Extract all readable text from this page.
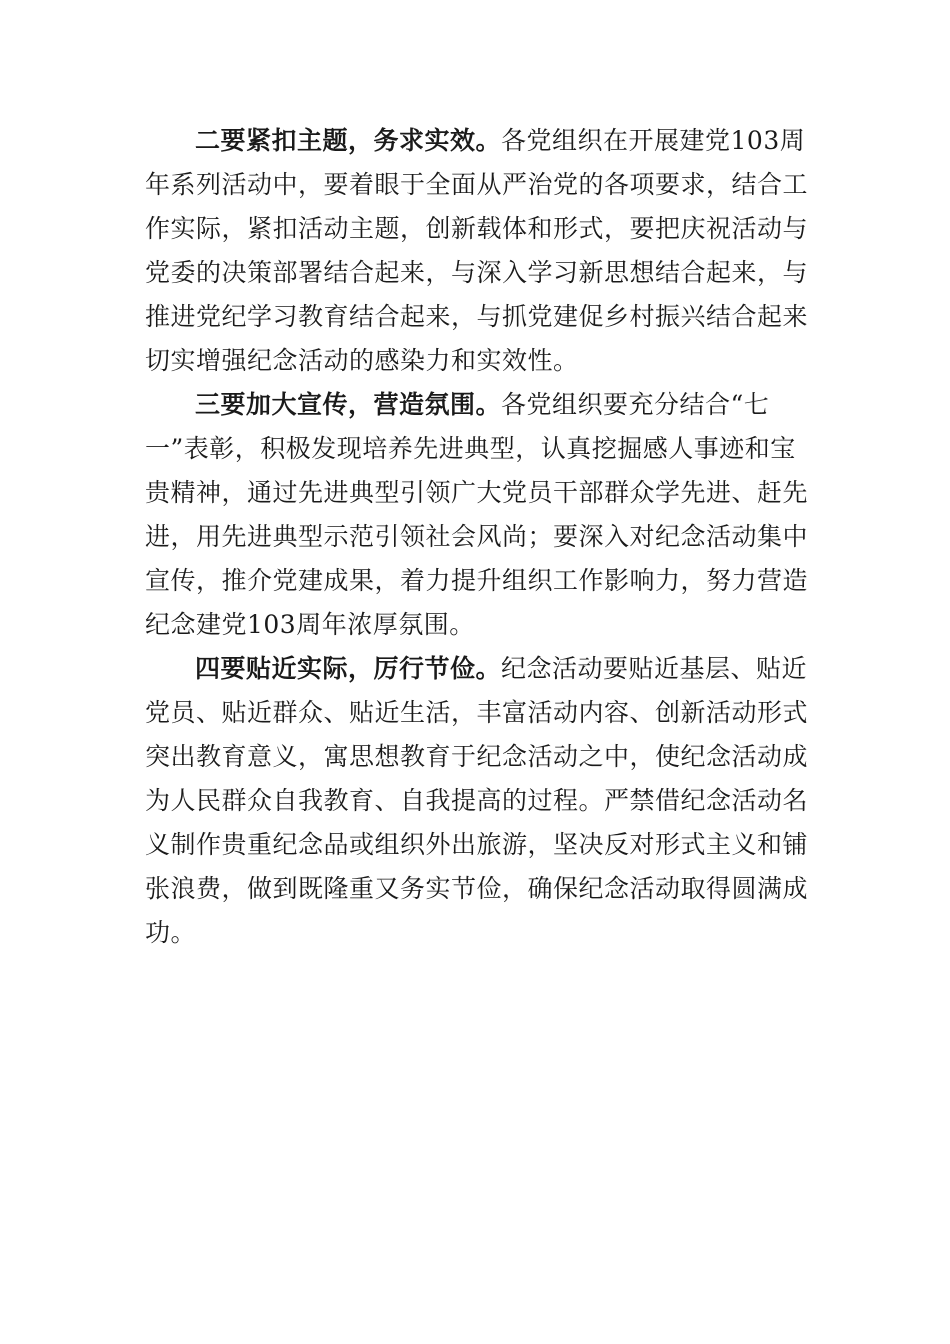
二要紧扣主题，务求实效。各党组织在开展建党103周
年系列活动中，要着眼于全面从严治党的各项要求，结合工
作实际，紧扣活动主题，创新载体和形式，要把庆祝活动与
党委的决策部署结合起来，与深入学习新思想结合起来，与
推进党纪学习教育结合起来，与抓党建促乡村振兴结合起来
切实增强纪念活动的感染力和实效性。

三要加大宣传，营造氛围。各党组织要充分结合“七
一”表彰，积极发现培养先进典型，认真挖掘感人事迹和宝
贵精神，通过先进典型引领广大党员干部群众学先进、赶先
进，用先进典型示范引领社会风尚；要深入对纪念活动集中
宣传，推介党建成果，着力提升组织工作影响力，努力营造
纪念建党103周年浓厚氛围。

四要贴近实际，厉行节俭。纪念活动要贴近基层、贴近
党员、贴近群众、贴近生活，丰富活动内容、创新活动形式
突出教育意义，寓思想教育于纪念活动之中，使纪念活动成
为人民群众自我教育、自我提高的过程。严禁借纪念活动名
义制作贵重纪念品或组织外出旅游，坚决反对形式主义和铺
张浪费，做到既隆重又务实节俭，确保纪念活动取得圆满成
功。
